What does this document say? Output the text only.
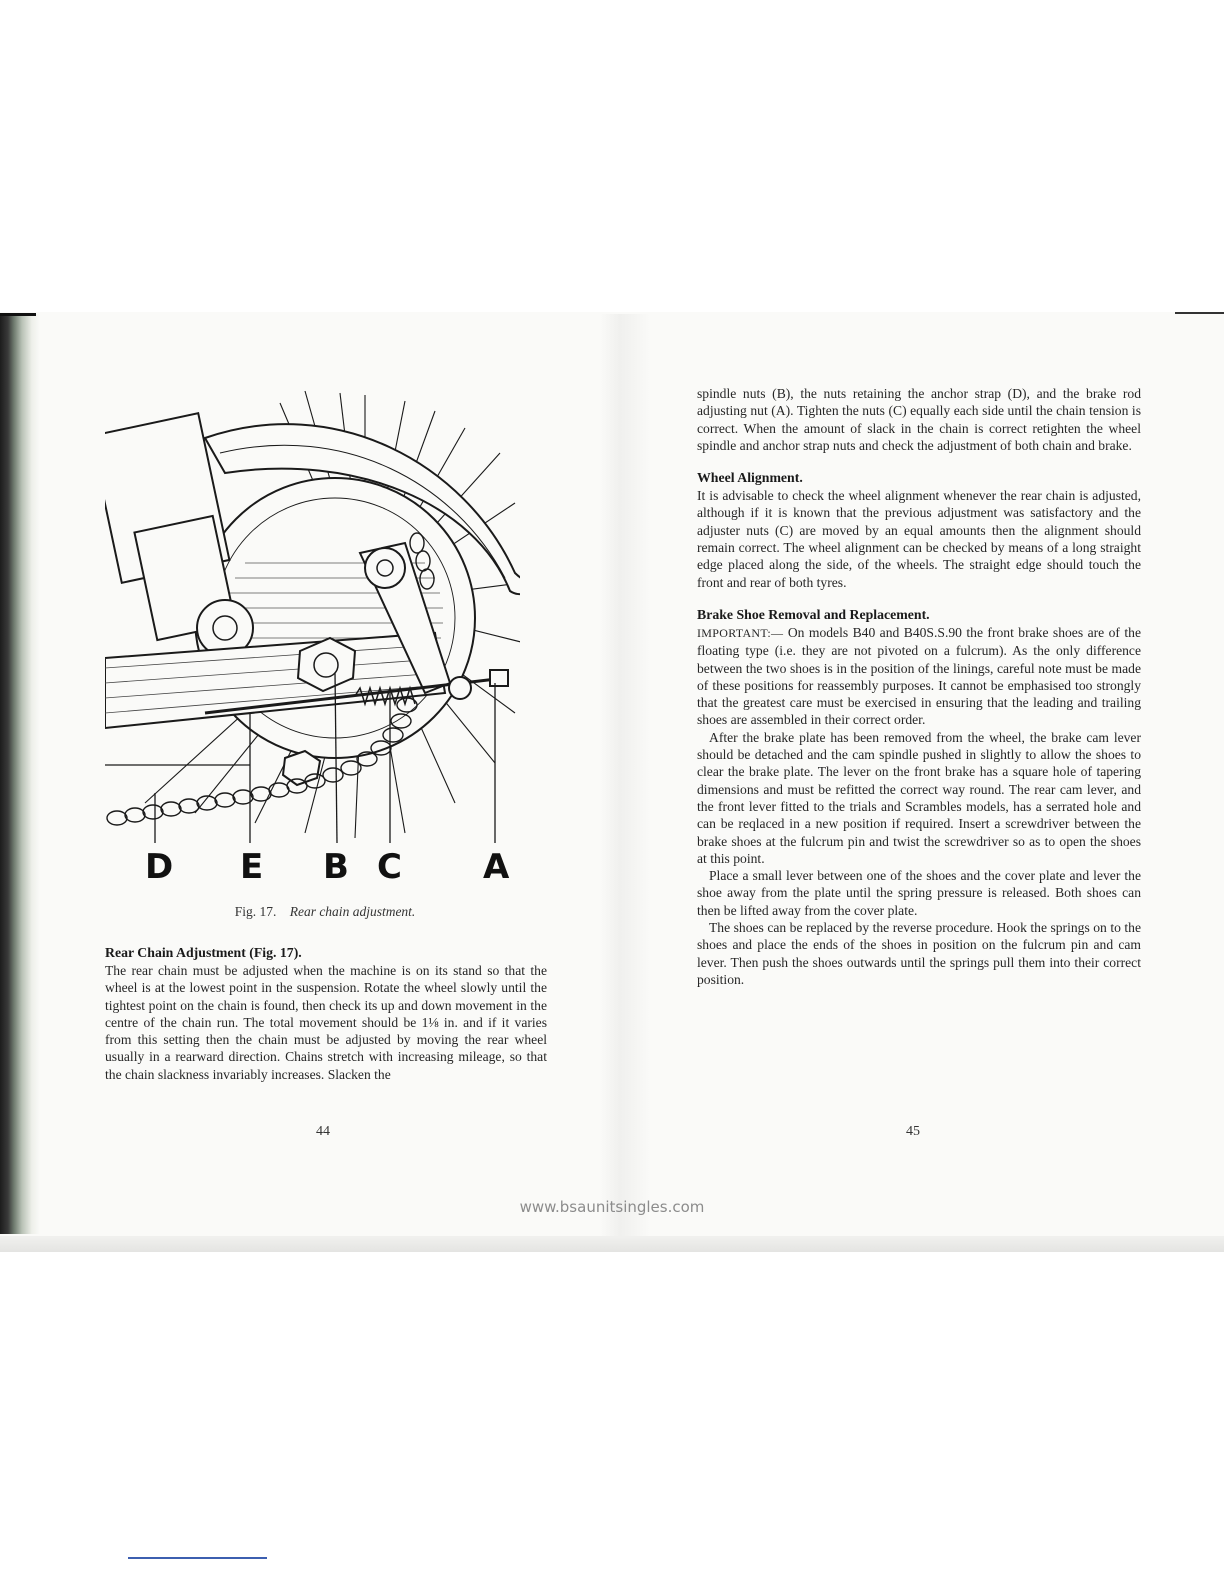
D E B C A
Fig. 17. Rear chain adjustment.
Rear Chain Adjustment (Fig. 17).

The rear chain must be adjusted when the machine is on its stand so that the wheel is at the lowest point in the suspension. Rotate the wheel slowly until the tightest point on the chain is found, then check its up and down movement in the centre of the chain run. The total movement should be 1⅛ in. and if it varies from this setting then the chain must be adjusted by moving the rear wheel usually in a rearward direction. Chains stretch with increasing mileage, so that the chain slackness invariably increases. Slacken the

44

spindle nuts (B), the nuts retaining the anchor strap (D), and the brake rod adjusting nut (A). Tighten the nuts (C) equally each side until the chain tension is correct. When the amount of slack in the chain is correct retighten the wheel spindle and anchor strap nuts and check the adjustment of both chain and brake.

Wheel Alignment.

It is advisable to check the wheel alignment whenever the rear chain is adjusted, although if it is known that the previous adjustment was satisfactory and the adjuster nuts (C) are moved by an equal amounts then the alignment should remain correct. The wheel alignment can be checked by means of a long straight edge placed along the side, of the wheels. The straight edge should touch the front and rear of both tyres.

Brake Shoe Removal and Replacement.

IMPORTANT:— On models B40 and B40S.S.90 the front brake shoes are of the floating type (i.e. they are not pivoted on a fulcrum). As the only difference between the two shoes is in the position of the linings, careful note must be made of these positions for reassembly purposes. It cannot be emphasised too strongly that the greatest care must be exercised in ensuring that the leading and trailing shoes are assembled in their correct order.

After the brake plate has been removed from the wheel, the brake cam lever should be detached and the cam spindle pushed in slightly to allow the shoes to clear the brake plate. The lever on the front brake has a square hole of tapering dimensions and must be refitted the correct way round. The rear cam lever, and the front lever fitted to the trials and Scrambles models, has a serrated hole and can be reqlaced in a new position if required. Insert a screwdriver between the brake shoes at the fulcrum pin and twist the screwdriver so as to open the shoes at this point.

Place a small lever between one of the shoes and the cover plate and lever the shoe away from the plate until the spring pressure is released. Both shoes can then be lifted away from the cover plate.

The shoes can be replaced by the reverse procedure. Hook the springs on to the shoes and place the ends of the shoes in position on the fulcrum pin and cam lever. Then push the shoes outwards until the springs pull them into their correct position.

45
www.bsaunitsingles.com
